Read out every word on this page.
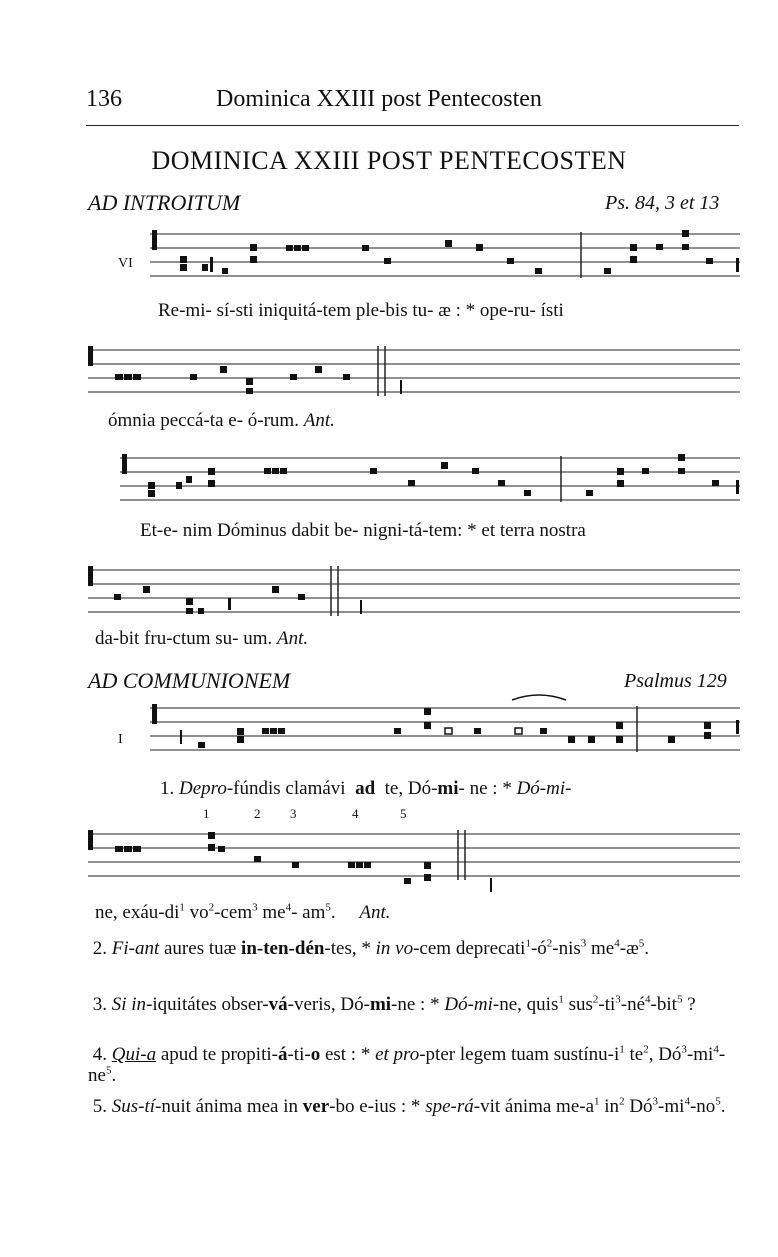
136	Dominica XXIII post Pentecosten
DOMINICA XXIII POST PENTECOSTEN
AD INTROITUM	Ps. 84, 3 et 13
VI
Re-mi- sí-sti iniquitá-tem ple-bis tu- æ : * ope-ru- ísti
ómnia peccá-ta e- ó-rum. Ant.
Et-e- nim Dóminus dabit be- nigni-tá-tem: * et terra nostra
da-bit fru-ctum su- um. Ant.
AD COMMUNIONEM	Psalmus 129
I
1. Depro-fúndis clamávi ad te, Dó-mi- ne : * Dó-mi-
1	2 3	4	5
ne, exáu-$di^1$ $vo^2-cem^3$ $me^4-$ $am^5$. Ant.
2. Fi-ant aures tuæ in-ten-dén-tes, * in vo-cem $deprecati^1-ó^2-nis^3$ $me^4-æ^5$.
3. Si in-iquitátes obser-vá-veris, Dó-mi-ne : * Dó-mi-ne, quis$^1$ $sus^2-ti^3-né^4-bit^5$ ?
4. Qui-a apud te propiti-á-ti-o est : * et pro-pter legem tuam sustínu-$i^1$ $te^2$, $Dó^3-mi^4-ne^5$.
5. Sus-tí-nuit ánima mea in ver-bo e-ius : * spe-rá-vit ánima $me-a^1$ $in^2$ $Dó^3-mi^4-no^5$.
